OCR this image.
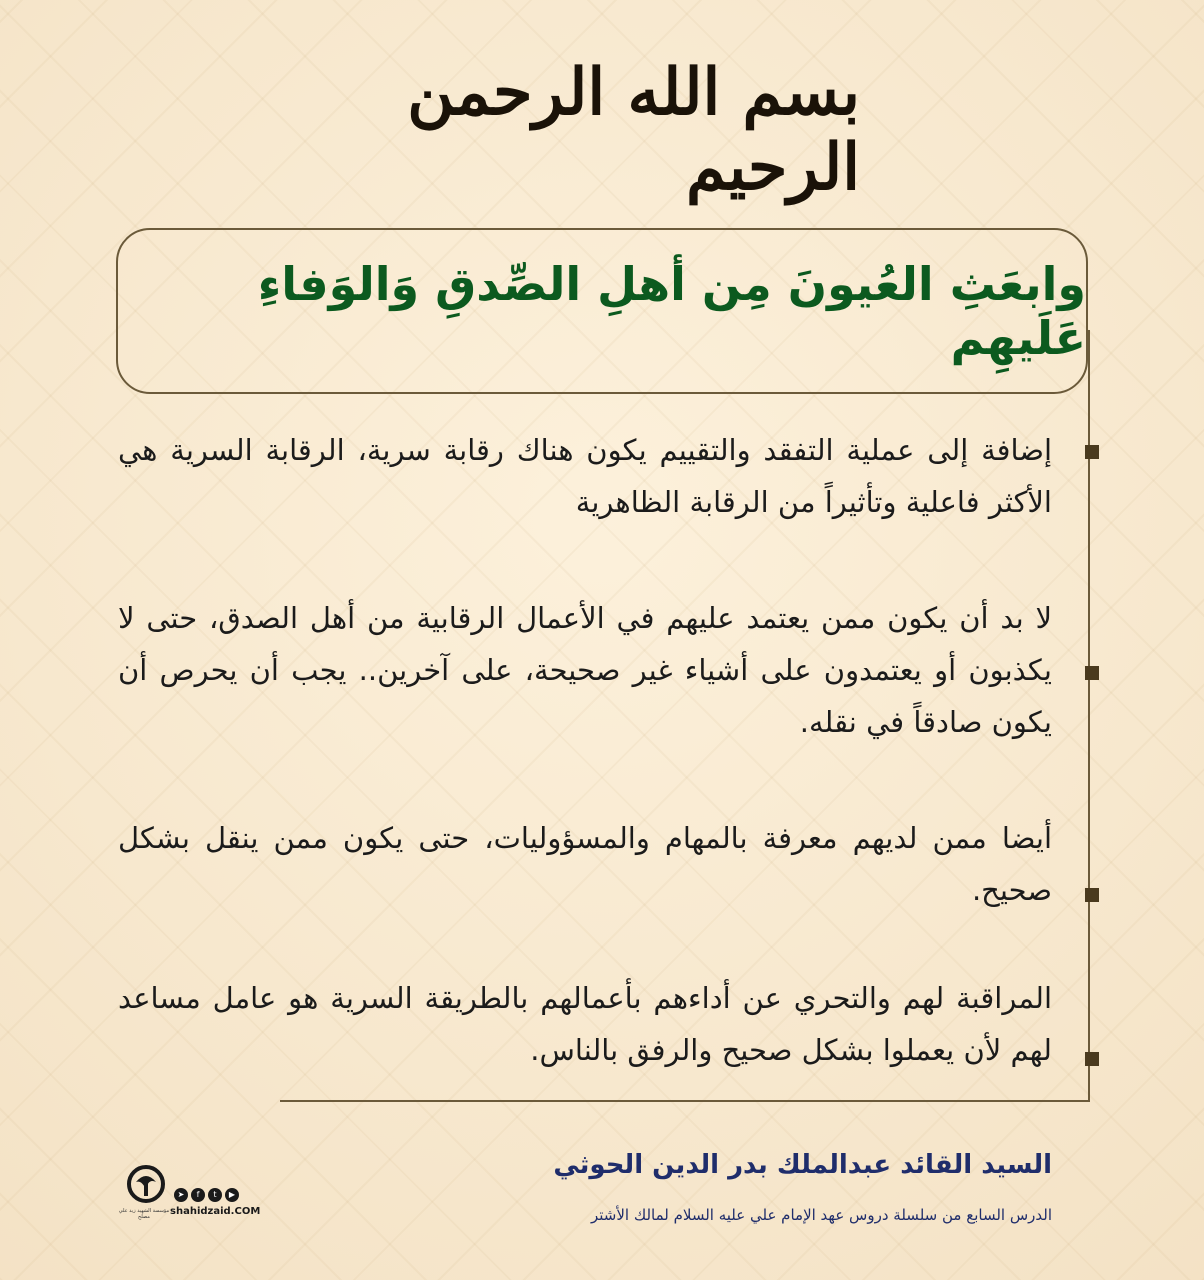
بسم الله الرحمن الرحيم
وابعَثِ العُيونَ مِن أهلِ الصِّدقِ وَالوَفاءِ عَلَيهِم
إضافة إلى عملية التفقد والتقييم يكون هناك رقابة سرية، الرقابة السرية هي الأكثر فاعلية وتأثيراً من الرقابة الظاهرية
لا بد أن يكون ممن يعتمد عليهم في الأعمال الرقابية من أهل الصدق، حتى لا يكذبون أو يعتمدون على أشياء غير صحيحة، على آخرين.. يجب أن يحرص أن يكون صادقاً في نقله.
أيضا ممن لديهم معرفة بالمهام والمسؤوليات، حتى يكون ممن ينقل بشكل صحيح.
المراقبة لهم والتحري عن أداءهم بأعمالهم بالطريقة السرية هو عامل مساعد لهم لأن يعملوا بشكل صحيح والرفق بالناس.
السيد القائد عبدالملك بدر الدين الحوثي
الدرس السابع من سلسلة دروس عهد الإمام علي عليه السلام لمالك الأشتر
مؤسسة الشهيد زيد علي مصلح
➤	f	t	▶
shahidzaid.COM
